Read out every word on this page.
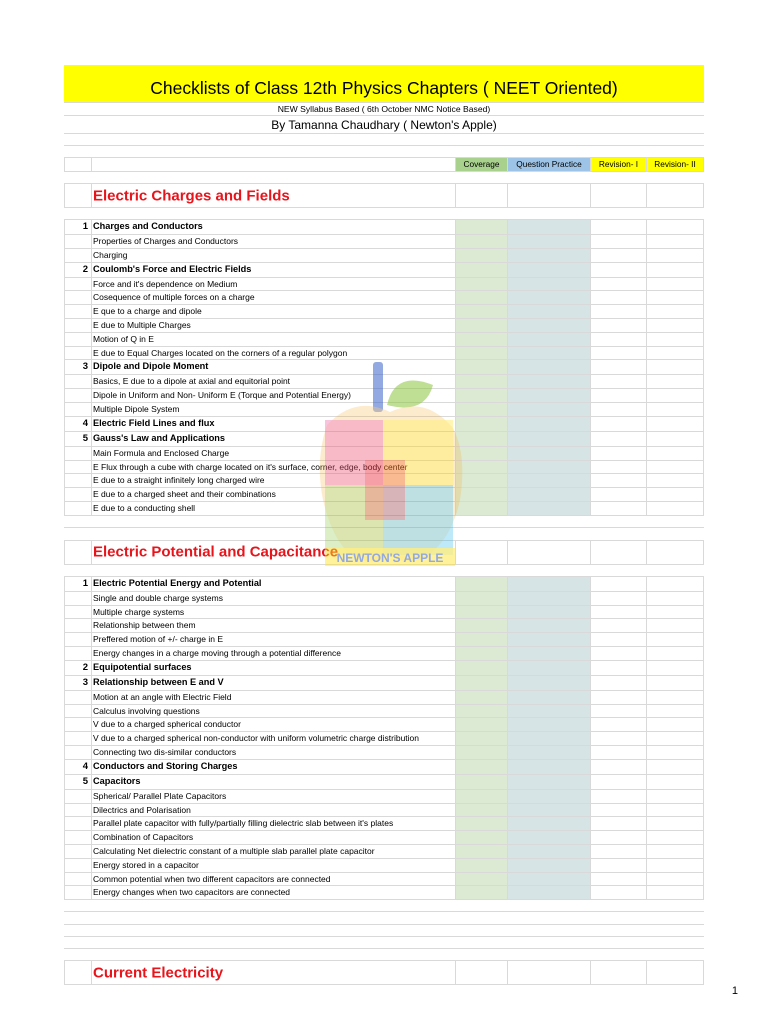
Checklists of Class 12th Physics Chapters ( NEET Oriented)
NEW Syllabus Based ( 6th October NMC Notice Based)
By Tamanna Chaudhary ( Newton's Apple)
Coverage	Question Practice	Revision- I	Revision- II
Electric Charges and Fields
1 Charges and Conductors
Properties of Charges and Conductors
Charging
2 Coulomb's Force and Electric Fields
Force and it's dependence on Medium
Cosequence of multiple forces on a charge
E que to a charge and dipole
E due to Multiple Charges
Motion of Q in E
E due to Equal Charges located on the corners of a regular polygon
3 Dipole and Dipole Moment
Basics, E due to a dipole at axial and equitorial point
Dipole in Uniform and Non- Uniform E (Torque and Potential Energy)
Multiple Dipole System
4 Electric Field Lines and flux
5 Gauss's Law and Applications
Main Formula and Enclosed Charge
E Flux through a cube with charge located on it's surface, corner, edge, body center
E due to a straight infinitely long charged wire
E due to a charged sheet and their combinations
E due to a conducting shell
Electric Potential and Capacitance
1 Electric Potential Energy and Potential
Single and double charge systems
Multiple charge systems
Relationship between them
Preffered motion of +/- charge in E
Energy changes in a charge moving through a potential difference
2 Equipotential surfaces
3 Relationship between E and V
Motion at an angle with Electric Field
Calculus involving questions
V due to a charged spherical conductor
V due to a charged spherical non-conductor with uniform volumetric charge distribution
Connecting two dis-similar conductors
4 Conductors and Storing Charges
5 Capacitors
Spherical/ Parallel Plate Capacitors
Dilectrics and Polarisation
Parallel plate capacitor with fully/partially filling dielectric slab between it's plates
Combination of Capacitors
Calculating Net dielectric constant of a multiple slab parallel plate capacitor
Energy stored in a capacitor
Common potential when two different capacitors are connected
Energy changes when two capacitors are connected
Current Electricity
NEWTON'S APPLE
1
